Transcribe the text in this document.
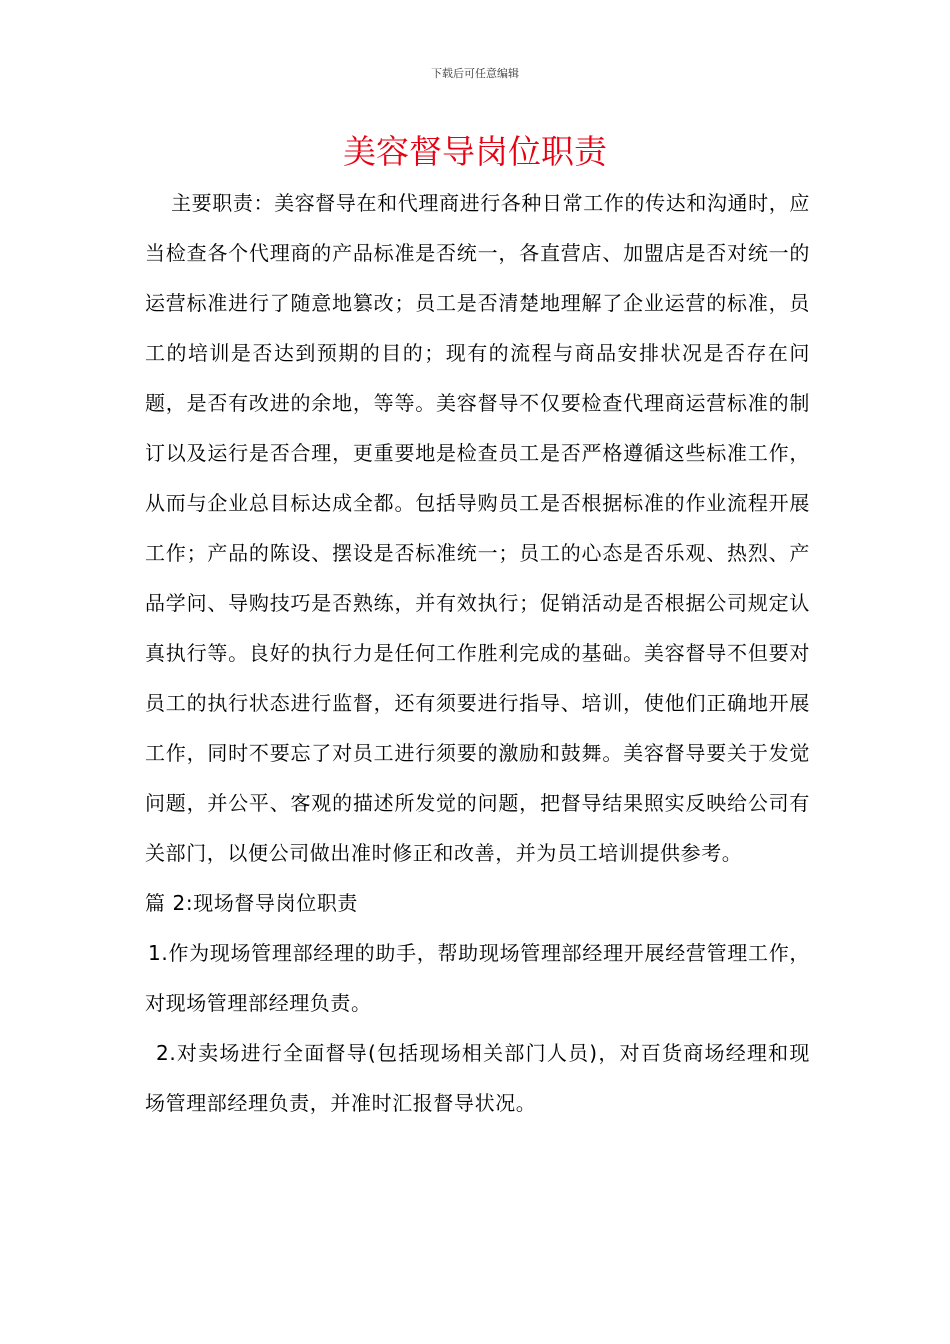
下载后可任意编辑
美容督导岗位职责

主要职责：美容督导在和代理商进行各种日常工作的传达和沟通时，应当检查各个代理商的产品标准是否统一，各直营店、加盟店是否对统一的运营标准进行了随意地篡改；员工是否清楚地理解了企业运营的标准，员工的培训是否达到预期的目的；现有的流程与商品安排状况是否存在问题，是否有改进的余地，等等。美容督导不仅要检查代理商运营标准的制订以及运行是否合理，更重要地是检查员工是否严格遵循这些标准工作，从而与企业总目标达成全都。包括导购员工是否根据标准的作业流程开展工作；产品的陈设、摆设是否标准统一；员工的心态是否乐观、热烈、产品学问、导购技巧是否熟练，并有效执行；促销活动是否根据公司规定认真执行等。良好的执行力是任何工作胜利完成的基础。美容督导不但要对员工的执行状态进行监督，还有须要进行指导、培训，使他们正确地开展工作，同时不要忘了对员工进行须要的激励和鼓舞。美容督导要关于发觉问题，并公平、客观的描述所发觉的问题，把督导结果照实反映给公司有关部门，以便公司做出准时修正和改善，并为员工培训提供参考。

篇 2:现场督导岗位职责

1.作为现场管理部经理的助手，帮助现场管理部经理开展经营管理工作，对现场管理部经理负责。

2.对卖场进行全面督导(包括现场相关部门人员)，对百货商场经理和现场管理部经理负责，并准时汇报督导状况。
